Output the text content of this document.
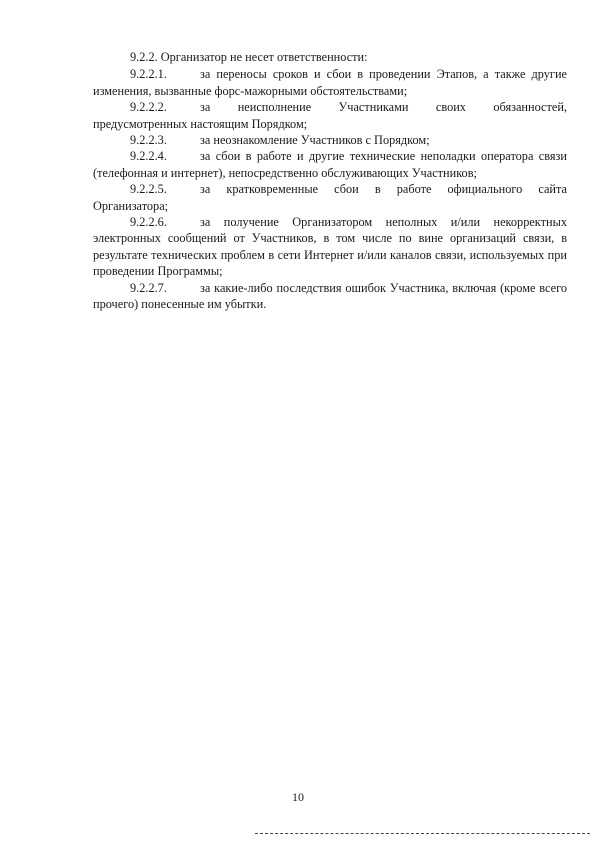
9.2.2. Организатор не несет ответственности:

9.2.2.1.	за переносы сроков и сбои в проведении Этапов, а также другие изменения, вызванные форс-мажорными обстоятельствами;

9.2.2.2.	за неисполнение Участниками своих обязанностей, предусмотренных настоящим Порядком;

9.2.2.3.	за неознакомление Участников с Порядком;

9.2.2.4.	за сбои в работе и другие технические неполадки оператора связи (телефонная и интернет), непосредственно обслуживающих Участников;

9.2.2.5.	за кратковременные сбои в работе официального сайта Организатора;

9.2.2.6.	за получение Организатором неполных и/или некорректных электронных сообщений от Участников, в том числе по вине организаций связи, в результате технических проблем в сети Интернет и/или каналов связи, используемых при проведении Программы;

9.2.2.7.	за какие-либо последствия ошибок Участника, включая (кроме всего прочего) понесенные им убытки.

10
